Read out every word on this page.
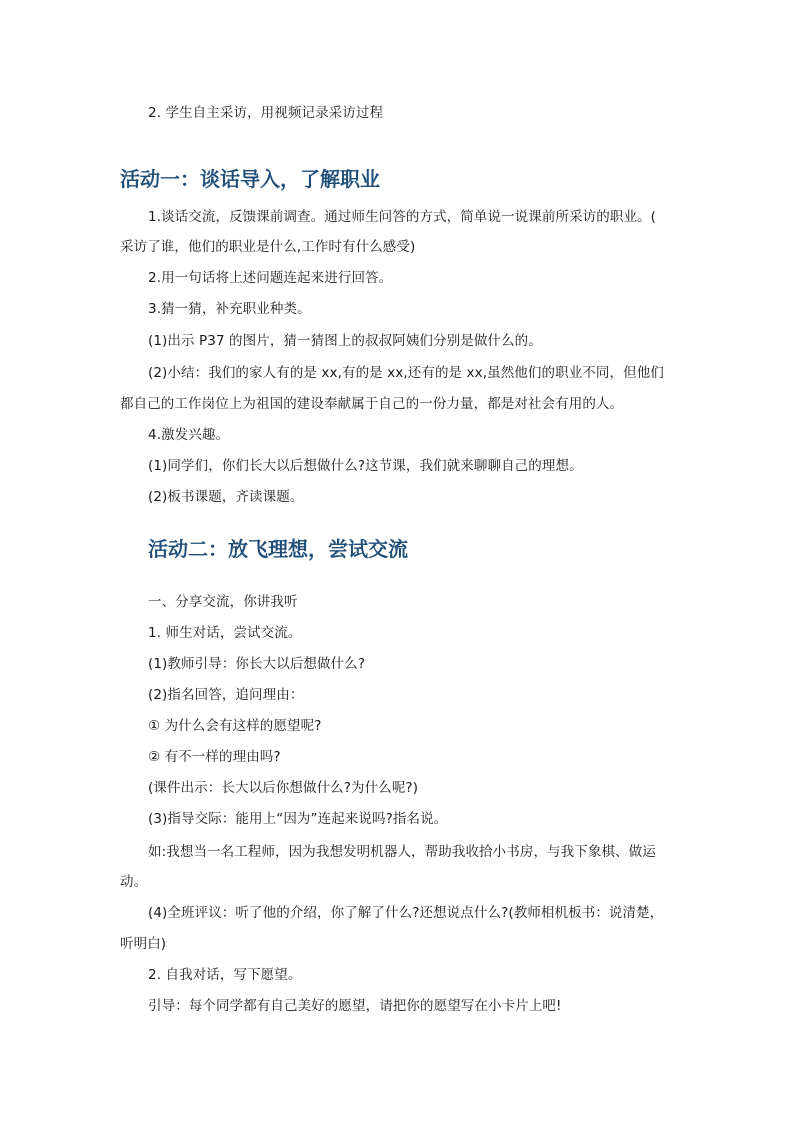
2. 学生自主采访，用视频记录采访过程
活动一：谈话导入，了解职业
1.谈话交流，反馈课前调查。通过师生问答的方式，简单说一说课前所采访的职业。(
采访了谁，他们的职业是什么,工作时有什么感受)
2.用一句话将上述问题连起来进行回答。
3.猜一猜，补充职业种类。
(1)出示 P37 的图片，猜一猜图上的叔叔阿姨们分别是做什么的。
(2)小结：我们的家人有的是 xx,有的是 xx,还有的是 xx,虽然他们的职业不同，但他们
都自己的工作岗位上为祖国的建设奉献属于自己的一份力量，都是对社会有用的人。
4.激发兴趣。
(1)同学们，你们长大以后想做什么?这节课，我们就来聊聊自己的理想。
(2)板书课题，齐读课题。
活动二：放飞理想，尝试交流
一、分享交流，你讲我听
1. 师生对话，尝试交流。
(1)教师引导：你长大以后想做什么?
(2)指名回答，追问理由：
① 为什么会有这样的愿望呢?
② 有不一样的理由吗?
(课件出示：长大以后你想做什么?为什么呢?)
(3)指导交际：能用上“因为”连起来说吗?指名说。
如:我想当一名工程师，因为我想发明机器人，帮助我收拾小书房，与我下象棋、做运
动。
(4)全班评议：听了他的介绍，你了解了什么?还想说点什么?(教师相机板书：说清楚，
听明白)
2. 自我对话，写下愿望。
引导：每个同学都有自己美好的愿望，请把你的愿望写在小卡片上吧!
